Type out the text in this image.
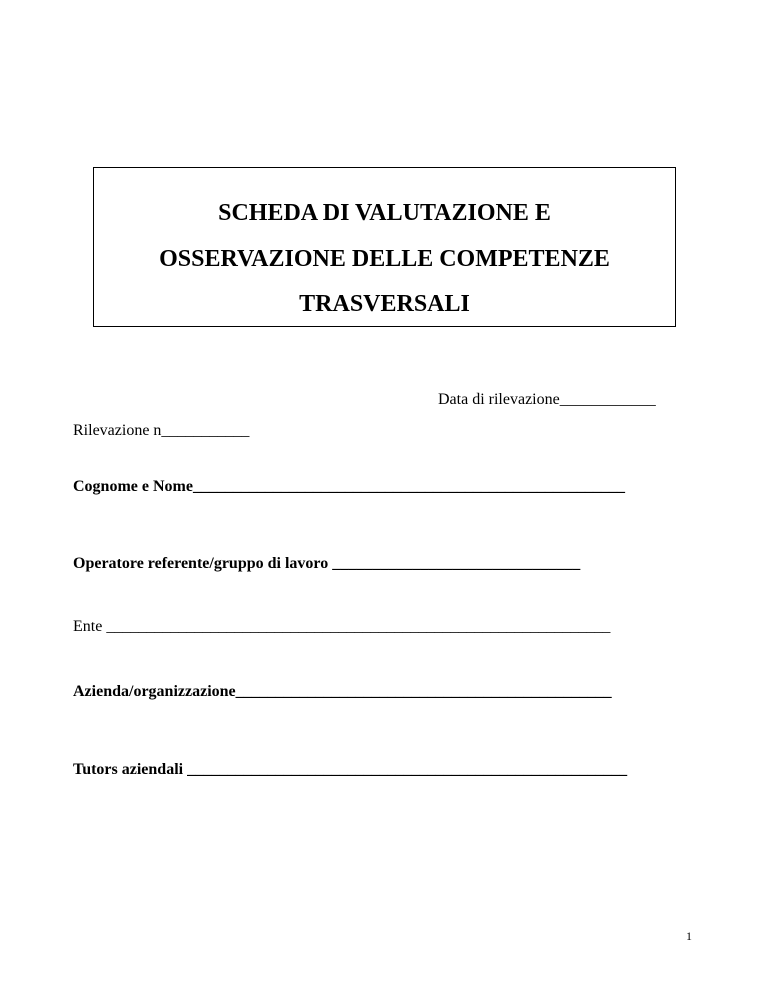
SCHEDA DI VALUTAZIONE E
OSSERVAZIONE DELLE COMPETENZE
TRASVERSALI
Data di rilevazione____________
Rilevazione n___________
Cognome e Nome______________________________________________________
Operatore referente/gruppo di lavoro _______________________________
Ente _______________________________________________________________
Azienda/organizzazione_______________________________________________
Tutors aziendali _______________________________________________________
1
